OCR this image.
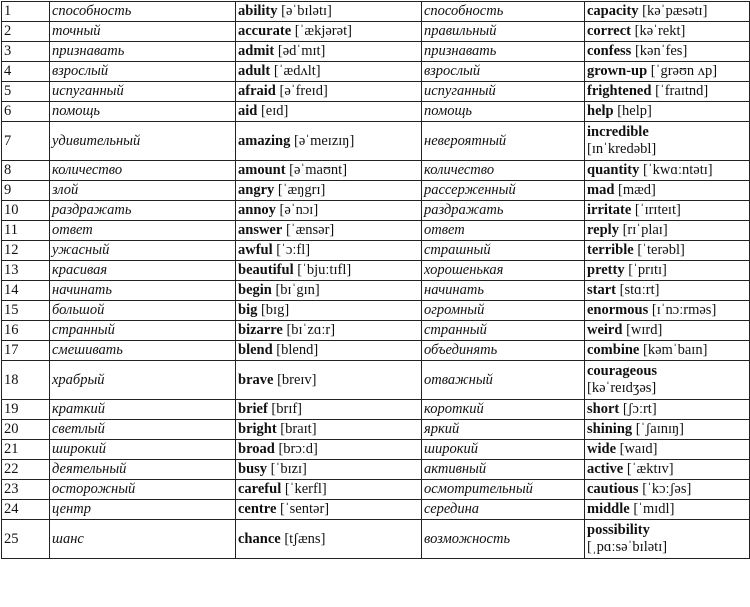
1	способность	ability [əˈbɪlətɪ]	способность	capacity [kəˈpæsətɪ]
2	точный	accurate [ˈækjərət]	правильный	correct [kəˈrekt]
3	признавать	admit [ədˈmɪt]	признавать	confess [kənˈfes]
4	взрослый	adult [ˈædʌlt]	взрослый	grown-up [ˈgrəʊn ʌp]
5	испуганный	afraid [əˈfreɪd]	испуганный	frightened [ˈfraɪtnd]
6	помощь	aid [eɪd]	помощь	help [help]
7	удивительный	amazing [əˈmeɪzɪŋ]	невероятный	incredible
[ɪnˈkredəbl]
8	количество	amount [əˈmaʊnt]	количество	quantity [ˈkwɑːntətɪ]
9	злой	angry [ˈæŋgrɪ]	рассерженный	mad [mæd]
10	раздражать	annoy [əˈnɔɪ]	раздражать	irritate [ˈɪrɪteɪt]
11	ответ	answer [ˈænsər]	ответ	reply [rɪˈplaɪ]
12	ужасный	awful [ˈɔːfl]	страшный	terrible [ˈterəbl]
13	красивая	beautiful [ˈbjuːtɪfl]	хорошенькая	pretty [ˈprɪtɪ]
14	начинать	begin [bɪˈgɪn]	начинать	start [stɑːrt]
15	большой	big [bɪg]	огромный	enormous [ɪˈnɔːrməs]
16	странный	bizarre [bɪˈzɑːr]	странный	weird [wɪrd]
17	смешивать	blend [blend]	объединять	combine [kəmˈbaɪn]
18	храбрый	brave [breɪv]	отважный	courageous
[kəˈreɪdʒəs]
19	краткий	brief [brɪf]	короткий	short [ʃɔːrt]
20	светлый	bright [braɪt]	яркий	shining [ˈʃaɪnɪŋ]
21	широкий	broad [brɔːd]	широкий	wide [waɪd]
22	деятельный	busy [ˈbɪzɪ]	активный	active [ˈæktɪv]
23	осторожный	careful [ˈkerfl]	осмотрительный	cautious [ˈkɔːʃəs]
24	центр	centre [ˈsentər]	середина	middle [ˈmɪdl]
25	шанс	chance [tʃæns]	возможность	possibility
[ˌpɑːsəˈbɪlətɪ]
